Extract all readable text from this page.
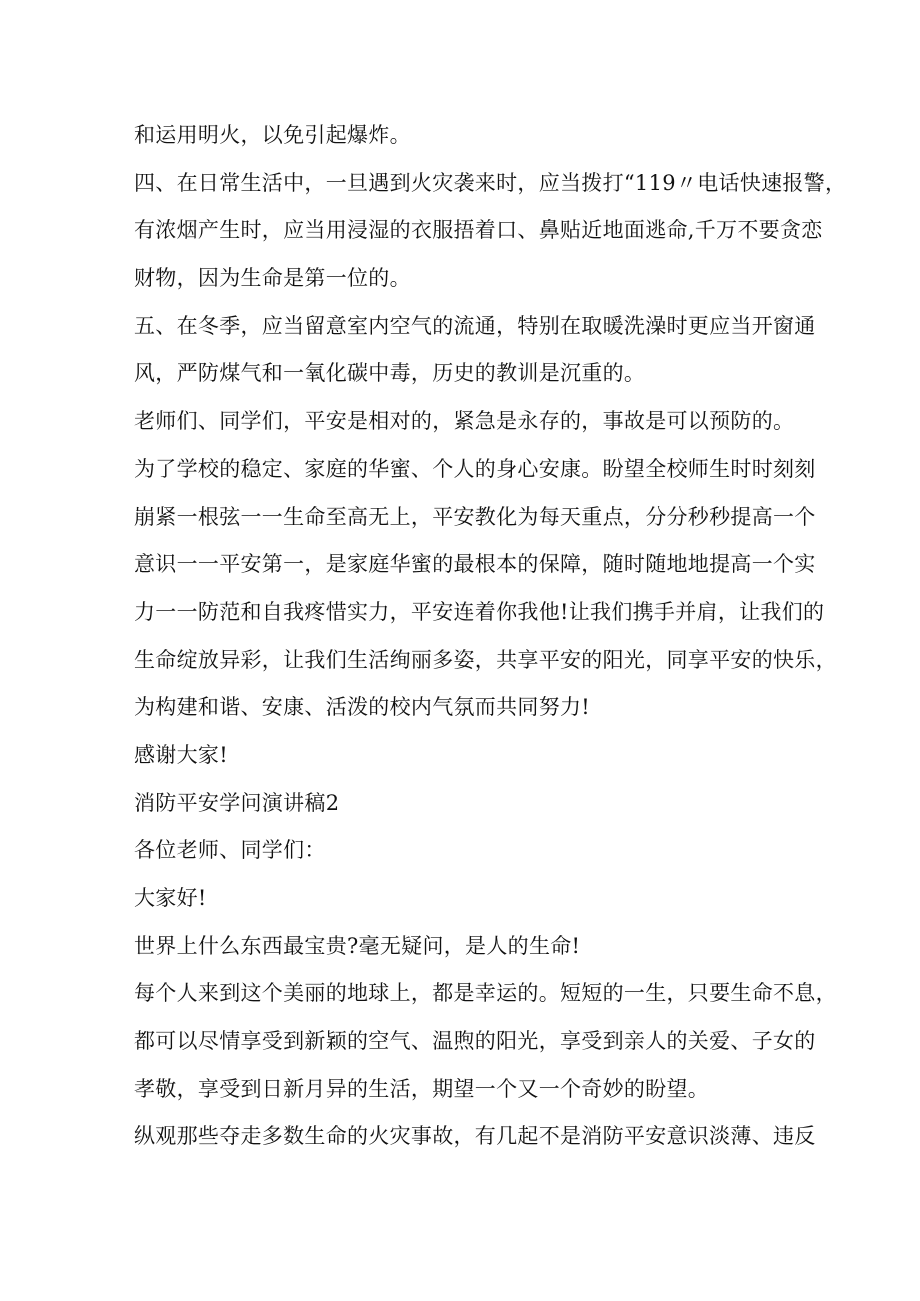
和运用明火，以免引起爆炸。
四、在日常生活中，一旦遇到火灾袭来时，应当拨打“119〃电话快速报警，
有浓烟产生时，应当用浸湿的衣服捂着口、鼻贴近地面逃命,千万不要贪恋
财物，因为生命是第一位的。
五、在冬季，应当留意室内空气的流通，特别在取暖洗澡时更应当开窗通
风，严防煤气和一氧化碳中毒，历史的教训是沉重的。
老师们、同学们，平安是相对的，紧急是永存的，事故是可以预防的。
为了学校的稳定、家庭的华蜜、个人的身心安康。盼望全校师生时时刻刻
崩紧一根弦一一生命至高无上，平安教化为每天重点，分分秒秒提高一个
意识一一平安第一，是家庭华蜜的最根本的保障，随时随地地提高一个实
力一一防范和自我疼惜实力，平安连着你我他!让我们携手并肩，让我们的
生命绽放异彩，让我们生活绚丽多姿，共享平安的阳光，同享平安的快乐，
为构建和谐、安康、活泼的校内气氛而共同努力!
感谢大家!
消防平安学问演讲稿2
各位老师、同学们：
大家好!
世界上什么东西最宝贵?毫无疑问，是人的生命!
每个人来到这个美丽的地球上，都是幸运的。短短的一生，只要生命不息，
都可以尽情享受到新颖的空气、温煦的阳光，享受到亲人的关爱、子女的
孝敬，享受到日新月异的生活，期望一个又一个奇妙的盼望。
纵观那些夺走多数生命的火灾事故，有几起不是消防平安意识淡薄、违反
